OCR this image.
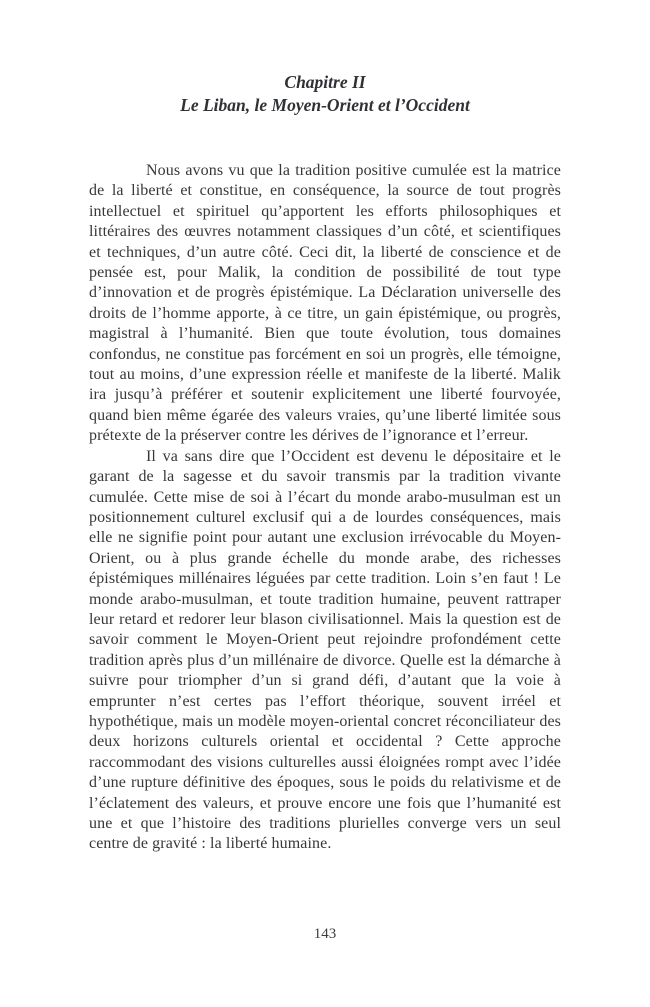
Chapitre II
Le Liban, le Moyen-Orient et l’Occident

Nous avons vu que la tradition positive cumulée est la matrice de la liberté et constitue, en conséquence, la source de tout progrès intellectuel et spirituel qu’apportent les efforts philosophiques et littéraires des œuvres notamment classiques d’un côté, et scientifiques et techniques, d’un autre côté. Ceci dit, la liberté de conscience et de pensée est, pour Malik, la condition de possibilité de tout type d’innovation et de progrès épistémique. La Déclaration universelle des droits de l’homme apporte, à ce titre, un gain épistémique, ou progrès, magistral à l’humanité. Bien que toute évolution, tous domaines confondus, ne constitue pas forcément en soi un progrès, elle témoigne, tout au moins, d’une expression réelle et manifeste de la liberté. Malik ira jusqu’à préférer et soutenir explicitement une liberté fourvoyée, quand bien même égarée des valeurs vraies, qu’une liberté limitée sous prétexte de la préserver contre les dérives de l’ignorance et l’erreur.

Il va sans dire que l’Occident est devenu le dépositaire et le garant de la sagesse et du savoir transmis par la tradition vivante cumulée. Cette mise de soi à l’écart du monde arabo-musulman est un positionnement culturel exclusif qui a de lourdes conséquences, mais elle ne signifie point pour autant une exclusion irrévocable du Moyen-Orient, ou à plus grande échelle du monde arabe, des richesses épistémiques millénaires léguées par cette tradition. Loin s’en faut ! Le monde arabo-musulman, et toute tradition humaine, peuvent rattraper leur retard et redorer leur blason civilisationnel. Mais la question est de savoir comment le Moyen-Orient peut rejoindre profondément cette tradition après plus d’un millénaire de divorce. Quelle est la démarche à suivre pour triompher d’un si grand défi, d’autant que la voie à emprunter n’est certes pas l’effort théorique, souvent irréel et hypothétique, mais un modèle moyen-oriental concret réconciliateur des deux horizons culturels oriental et occidental ? Cette approche raccommodant des visions culturelles aussi éloignées rompt avec l’idée d’une rupture définitive des époques, sous le poids du relativisme et de l’éclatement des valeurs, et prouve encore une fois que l’humanité est une et que l’histoire des traditions plurielles converge vers un seul centre de gravité : la liberté humaine.

143
